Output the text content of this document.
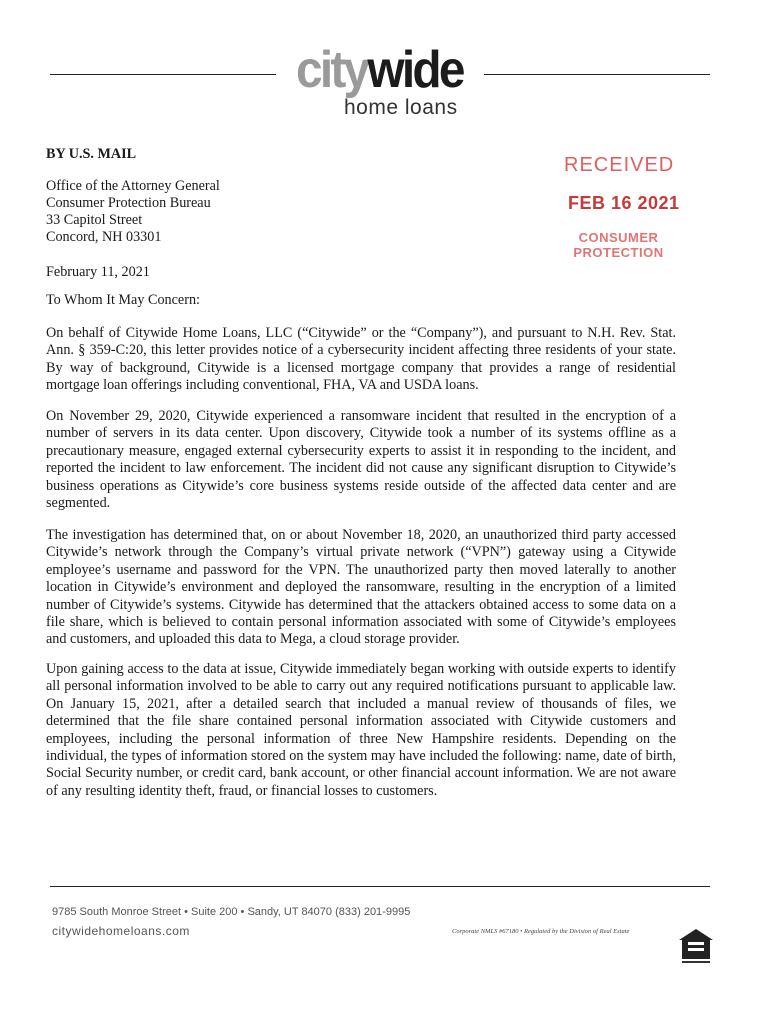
citywide
home loans
BY U.S. MAIL
Office of the Attorney General
Consumer Protection Bureau
33 Capitol Street
Concord, NH 03301
RECEIVED
FEB 16 2021
CONSUMER PROTECTION
February 11, 2021
To Whom It May Concern:
On behalf of Citywide Home Loans, LLC (“Citywide” or the “Company”), and pursuant to N.H. Rev. Stat. Ann. § 359-C:20, this letter provides notice of a cybersecurity incident affecting three residents of your state. By way of background, Citywide is a licensed mortgage company that provides a range of residential mortgage loan offerings including conventional, FHA, VA and USDA loans.
On November 29, 2020, Citywide experienced a ransomware incident that resulted in the encryption of a number of servers in its data center. Upon discovery, Citywide took a number of its systems offline as a precautionary measure, engaged external cybersecurity experts to assist it in responding to the incident, and reported the incident to law enforcement. The incident did not cause any significant disruption to Citywide’s business operations as Citywide’s core business systems reside outside of the affected data center and are segmented.
The investigation has determined that, on or about November 18, 2020, an unauthorized third party accessed Citywide’s network through the Company’s virtual private network (“VPN”) gateway using a Citywide employee’s username and password for the VPN. The unauthorized party then moved laterally to another location in Citywide’s environment and deployed the ransomware, resulting in the encryption of a limited number of Citywide’s systems. Citywide has determined that the attackers obtained access to some data on a file share, which is believed to contain personal information associated with some of Citywide’s employees and customers, and uploaded this data to Mega, a cloud storage provider.
Upon gaining access to the data at issue, Citywide immediately began working with outside experts to identify all personal information involved to be able to carry out any required notifications pursuant to applicable law. On January 15, 2021, after a detailed search that included a manual review of thousands of files, we determined that the file share contained personal information associated with Citywide customers and employees, including the personal information of three New Hampshire residents. Depending on the individual, the types of information stored on the system may have included the following: name, date of birth, Social Security number, or credit card, bank account, or other financial account information. We are not aware of any resulting identity theft, fraud, or financial losses to customers.
9785 South Monroe Street • Suite 200 • Sandy, UT 84070 (833) 201-9995
citywidehomeloans.com	Corporate NMLS #67180 • Regulated by the Division of Real Estate
